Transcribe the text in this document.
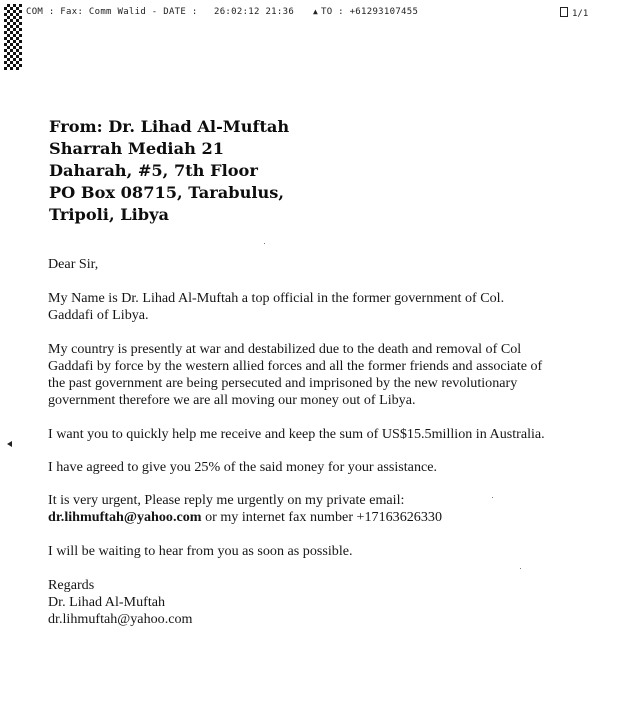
COM : Fax: Comm Walid - DATE : 26:02:12 21:36 ▲ TO : +61293107455	1/1
From: Dr. Lihad Al-Muftah
Sharrah Mediah 21
Daharah, #5, 7th Floor
PO Box 08715, Tarabulus,
Tripoli, Libya

Dear Sir,

My Name is Dr. Lihad Al-Muftah a top official in the former government of Col.

Gaddafi of Libya.

My country is presently at war and destabilized due to the death and removal of Col

Gaddafi by force by the western allied forces and all the former friends and associate of

the past government are being persecuted and imprisoned by the new revolutionary

government therefore we are all moving our money out of Libya.

I want you to quickly help me receive and keep the sum of US$15.5million in Australia.

I have agreed to give you 25% of the said money for your assistance.

It is very urgent, Please reply me urgently on my private email:

dr.lihmuftah@yahoo.com or my internet fax number +17163626330

I will be waiting to hear from you as soon as possible.

Regards

Dr. Lihad Al-Muftah

dr.lihmuftah@yahoo.com
